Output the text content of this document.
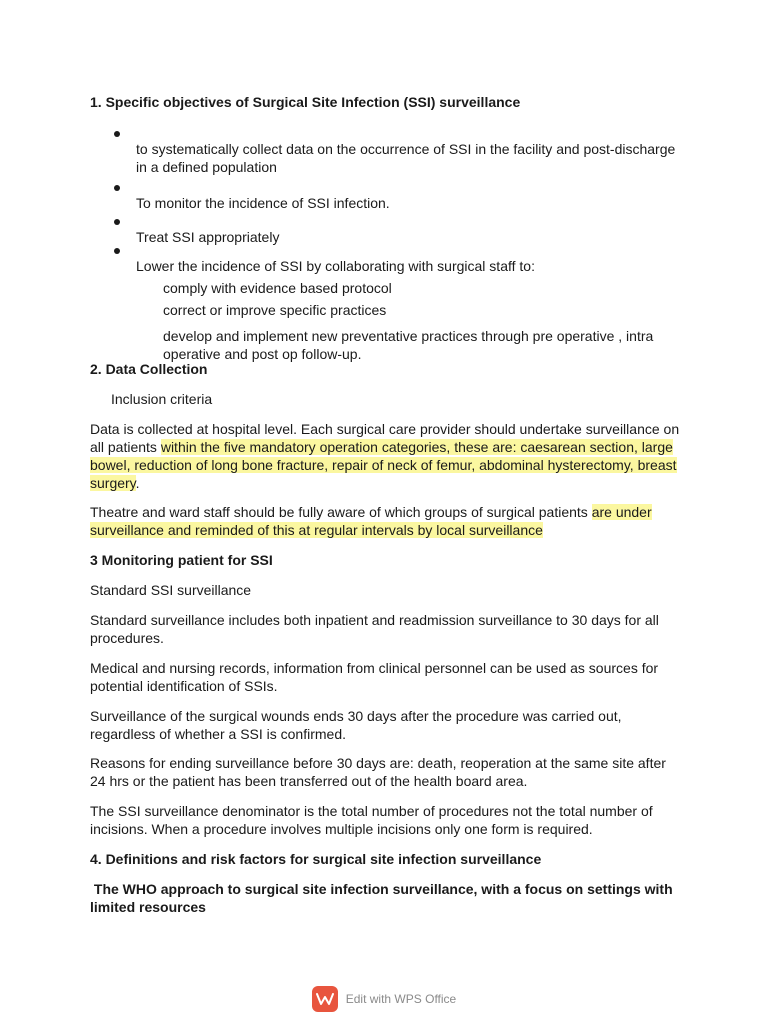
1. Specific objectives of Surgical Site Infection (SSI) surveillance

to systematically collect data on the occurrence of SSI in the facility and post-discharge in a defined population

To monitor the incidence of SSI infection.

Treat SSI appropriately

Lower the incidence of SSI by collaborating with surgical staff to:

comply with evidence based protocol

correct or improve specific practices

develop and implement new preventative practices through pre operative , intra operative and post op follow-up.

2. Data Collection

Inclusion criteria

Data is collected at hospital level. Each surgical care provider should undertake surveillance on all patients within the five mandatory operation categories, these are: caesarean section, large bowel, reduction of long bone fracture, repair of neck of femur, abdominal hysterectomy, breast surgery.

Theatre and ward staff should be fully aware of which groups of surgical patients are under surveillance and reminded of this at regular intervals by local surveillance

3 Monitoring patient for SSI

Standard SSI surveillance

Standard surveillance includes both inpatient and readmission surveillance to 30 days for all procedures.

Medical and nursing records, information from clinical personnel can be used as sources for potential identification of SSIs.

Surveillance of the surgical wounds ends 30 days after the procedure was carried out, regardless of whether a SSI is confirmed.

Reasons for ending surveillance before 30 days are: death, reoperation at the same site after 24 hrs or the patient has been transferred out of the health board area.

The SSI surveillance denominator is the total number of procedures not the total number of incisions. When a procedure involves multiple incisions only one form is required.

4. Definitions and risk factors for surgical site infection surveillance

The WHO approach to surgical site infection surveillance, with a focus on settings with limited resources

Edit with WPS Office
